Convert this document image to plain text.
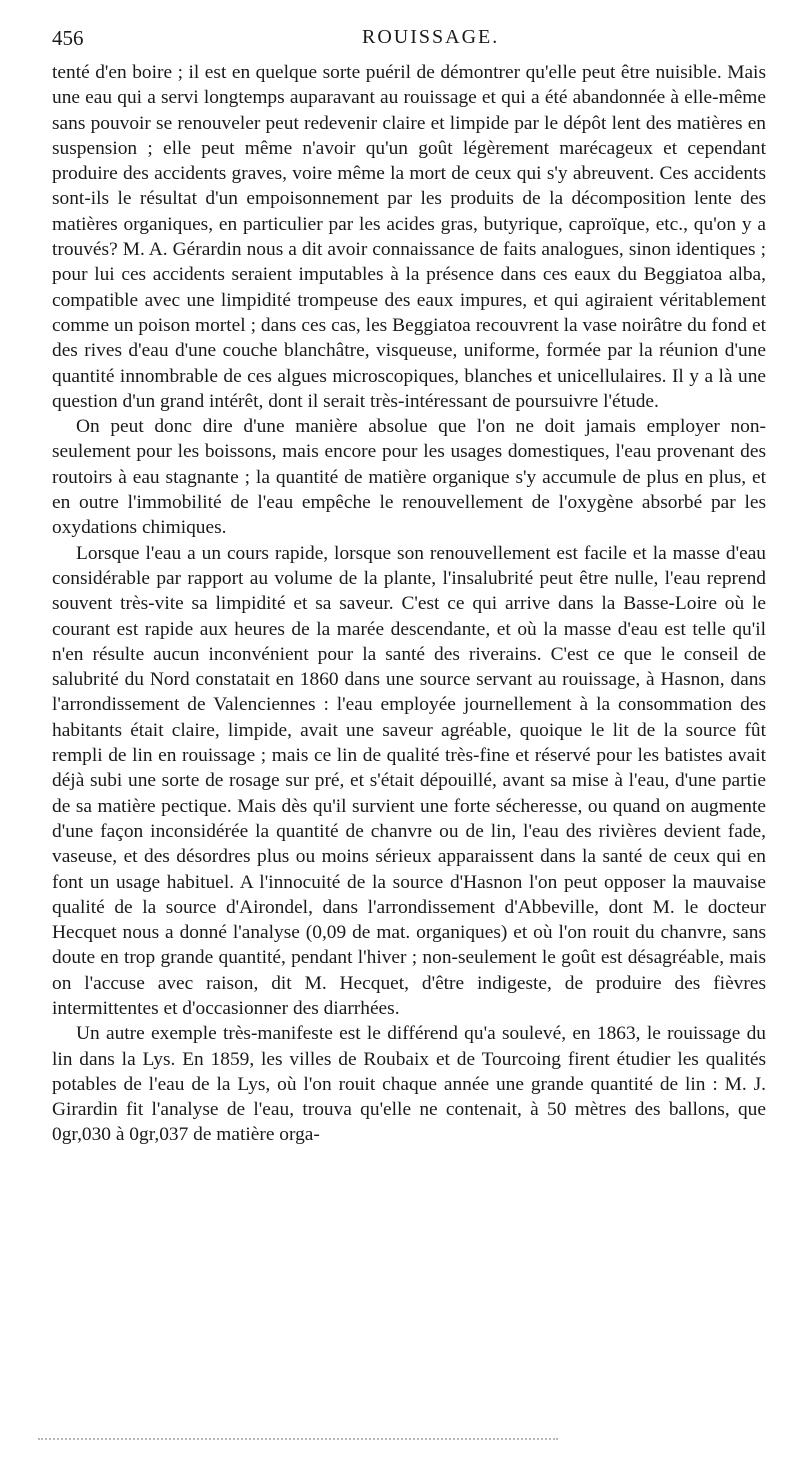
456	ROUISSAGE.

tenté d'en boire ; il est en quelque sorte puéril de démontrer qu'elle peut être nuisible. Mais une eau qui a servi longtemps auparavant au rouissage et qui a été abandonnée à elle-même sans pouvoir se renouveler peut redevenir claire et limpide par le dépôt lent des matières en suspension ; elle peut même n'avoir qu'un goût légèrement marécageux et cependant produire des accidents graves, voire même la mort de ceux qui s'y abreuvent. Ces accidents sont-ils le résultat d'un empoisonnement par les produits de la décomposition lente des matières organiques, en particulier par les acides gras, butyrique, caproïque, etc., qu'on y a trouvés? M. A. Gérardin nous a dit avoir connaissance de faits analogues, sinon identiques ; pour lui ces accidents seraient imputables à la présence dans ces eaux du Beggiatoa alba, compatible avec une limpidité trompeuse des eaux impures, et qui agiraient véritablement comme un poison mortel ; dans ces cas, les Beggiatoa recouvrent la vase noirâtre du fond et des rives d'eau d'une couche blanchâtre, visqueuse, uniforme, formée par la réunion d'une quantité innombrable de ces algues microscopiques, blanches et unicellulaires. Il y a là une question d'un grand intérêt, dont il serait très-intéressant de poursuivre l'étude.

On peut donc dire d'une manière absolue que l'on ne doit jamais employer non-seulement pour les boissons, mais encore pour les usages domestiques, l'eau provenant des routoirs à eau stagnante ; la quantité de matière organique s'y accumule de plus en plus, et en outre l'immobilité de l'eau empêche le renouvellement de l'oxygène absorbé par les oxydations chimiques.

Lorsque l'eau a un cours rapide, lorsque son renouvellement est facile et la masse d'eau considérable par rapport au volume de la plante, l'insalubrité peut être nulle, l'eau reprend souvent très-vite sa limpidité et sa saveur. C'est ce qui arrive dans la Basse-Loire où le courant est rapide aux heures de la marée descendante, et où la masse d'eau est telle qu'il n'en résulte aucun inconvénient pour la santé des riverains. C'est ce que le conseil de salubrité du Nord constatait en 1860 dans une source servant au rouissage, à Hasnon, dans l'arrondissement de Valenciennes : l'eau employée journellement à la consommation des habitants était claire, limpide, avait une saveur agréable, quoique le lit de la source fût rempli de lin en rouissage ; mais ce lin de qualité très-fine et réservé pour les batistes avait déjà subi une sorte de rosage sur pré, et s'était dépouillé, avant sa mise à l'eau, d'une partie de sa matière pectique. Mais dès qu'il survient une forte sécheresse, ou quand on augmente d'une façon inconsidérée la quantité de chanvre ou de lin, l'eau des rivières devient fade, vaseuse, et des désordres plus ou moins sérieux apparaissent dans la santé de ceux qui en font un usage habituel. A l'innocuité de la source d'Hasnon l'on peut opposer la mauvaise qualité de la source d'Airondel, dans l'arrondissement d'Abbeville, dont M. le docteur Hecquet nous a donné l'analyse (0,09 de mat. organiques) et où l'on rouit du chanvre, sans doute en trop grande quantité, pendant l'hiver ; non-seulement le goût est désagréable, mais on l'accuse avec raison, dit M. Hecquet, d'être indigeste, de produire des fièvres intermittentes et d'occasionner des diarrhées.

Un autre exemple très-manifeste est le différend qu'a soulevé, en 1863, le rouissage du lin dans la Lys. En 1859, les villes de Roubaix et de Tourcoing firent étudier les qualités potables de l'eau de la Lys, où l'on rouit chaque année une grande quantité de lin : M. J. Girardin fit l'analyse de l'eau, trouva qu'elle ne contenait, à 50 mètres des ballons, que 0gr,030 à 0gr,037 de matière orga-
